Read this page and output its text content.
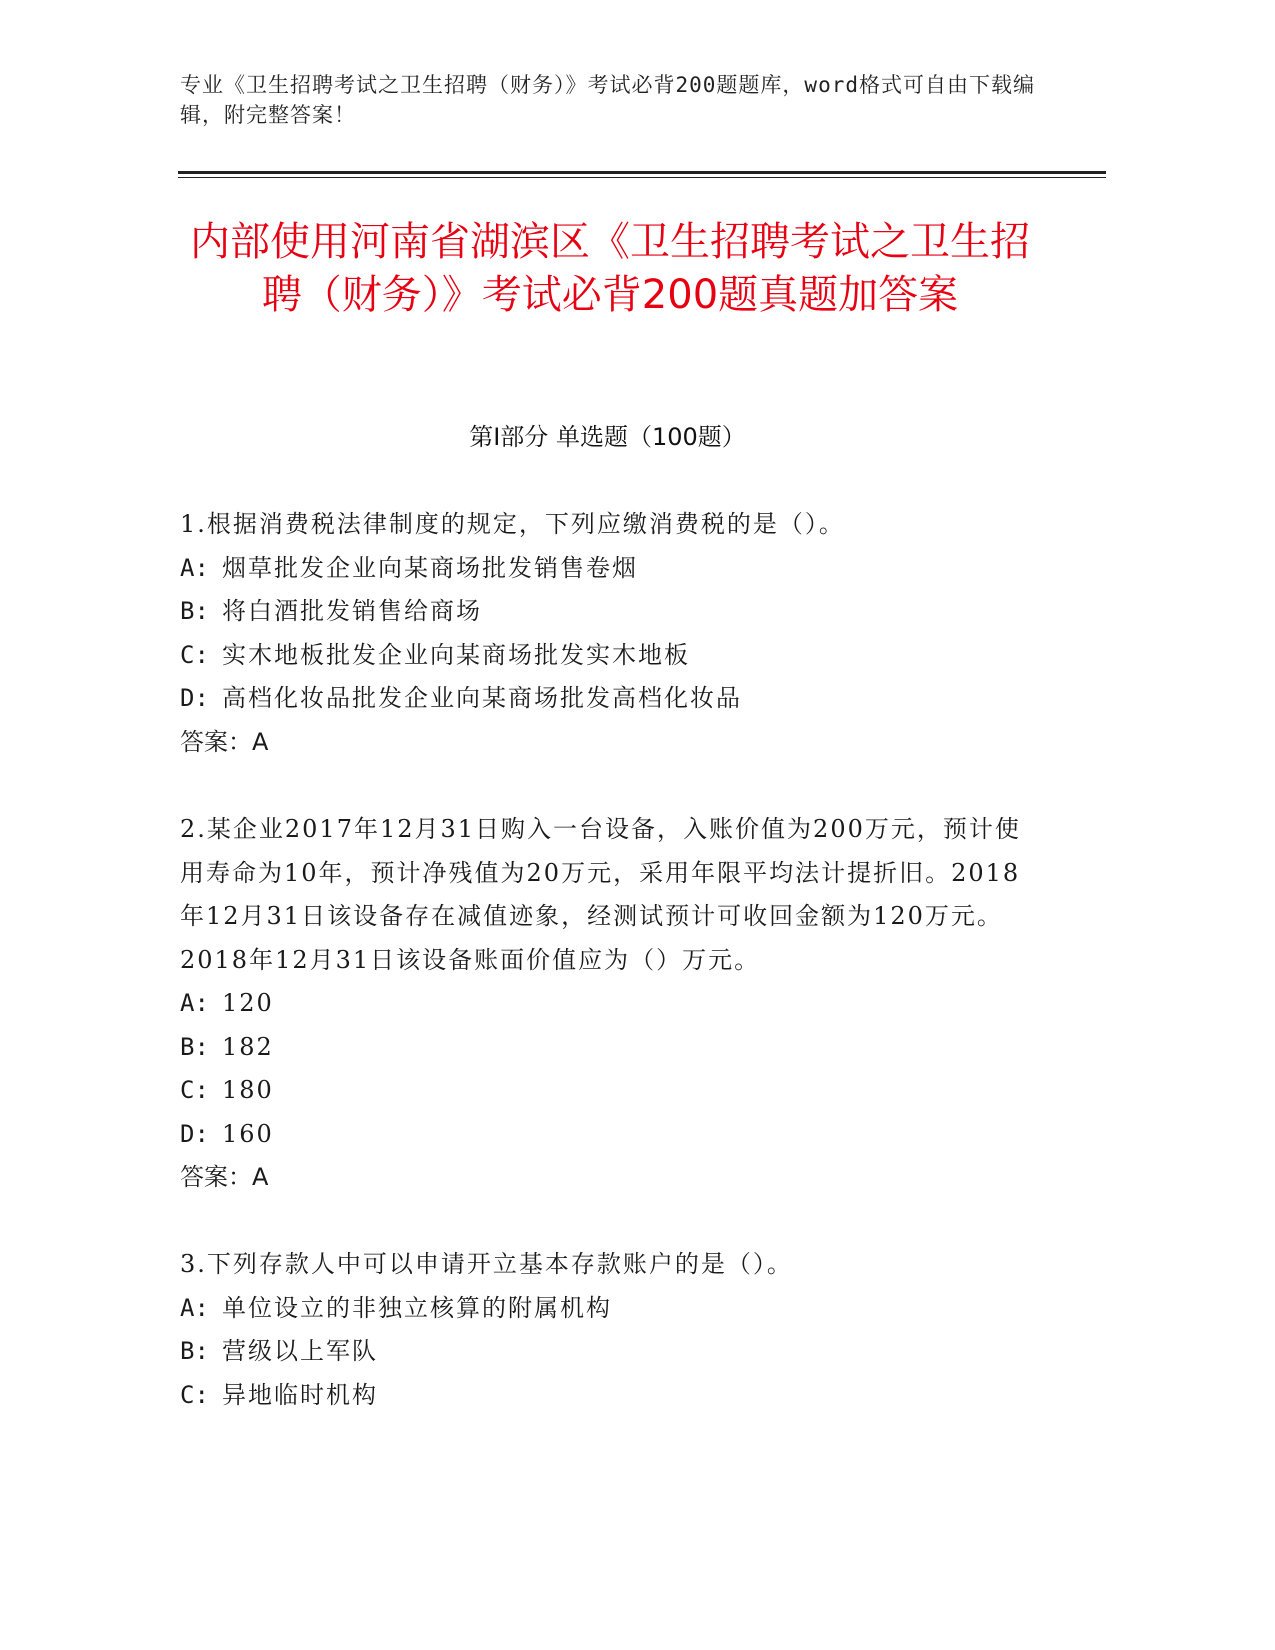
专业《卫生招聘考试之卫生招聘（财务）》考试必背200题题库，word格式可自由下载编辑，附完整答案！
内部使用河南省湖滨区《卫生招聘考试之卫生招聘（财务）》考试必背200题真题加答案
第I部分 单选题（100题）

1.根据消费税法律制度的规定，下列应缴消费税的是（）。

A: 烟草批发企业向某商场批发销售卷烟

B: 将白酒批发销售给商场

C: 实木地板批发企业向某商场批发实木地板

D: 高档化妆品批发企业向某商场批发高档化妆品

答案：A

2.某企业2017年12月31日购入一台设备，入账价值为200万元，预计使用寿命为10年，预计净残值为20万元，采用年限平均法计提折旧。2018年12月31日该设备存在减值迹象，经测试预计可收回金额为120万元。2018年12月31日该设备账面价值应为（）万元。

A: 120

B: 182

C: 180

D: 160

答案：A

3.下列存款人中可以申请开立基本存款账户的是（）。

A: 单位设立的非独立核算的附属机构

B: 营级以上军队

C: 异地临时机构
